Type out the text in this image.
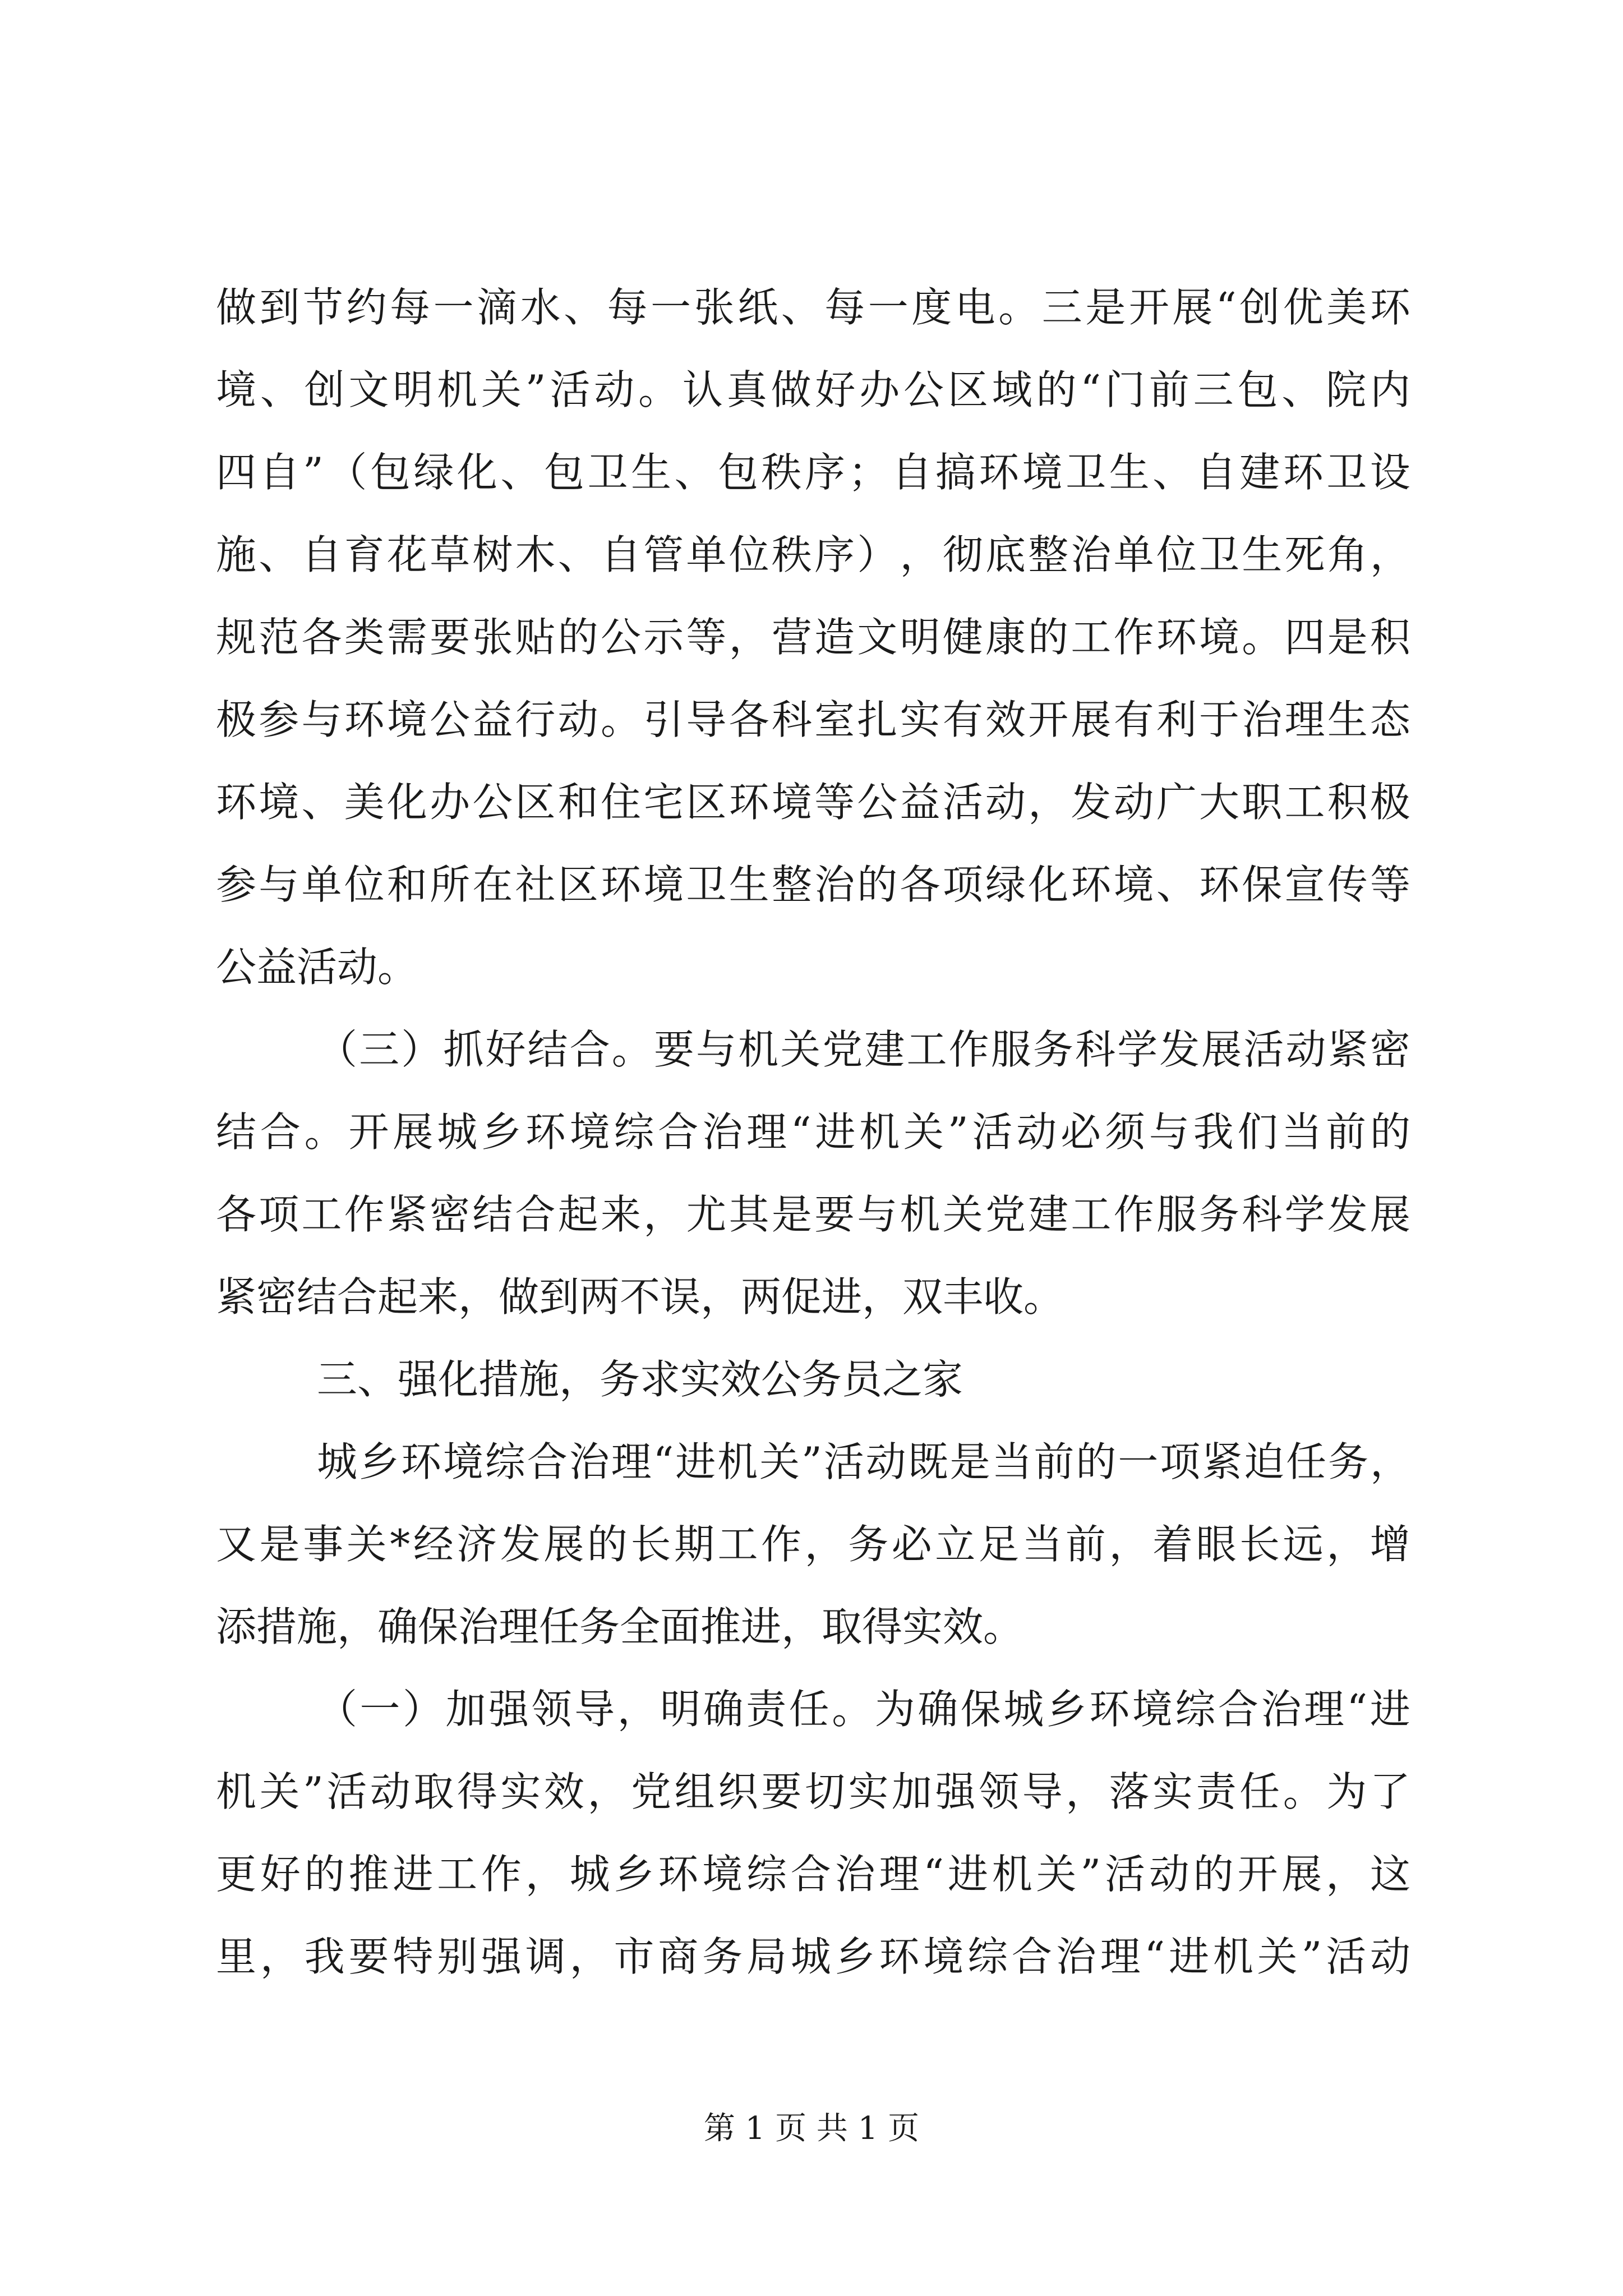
做 到 节 约 每 一 滴 水 、 每 一 张 纸 、 每 一 度 电 。 三 是 开 展 “ 创 优 美 环
境 、 创 文 明 机 关 ” 活 动 。 认 真 做 好 办 公 区 域 的 “ 门 前 三 包 、 院 内
四 自 ” （ 包 绿 化 、 包 卫 生 、 包 秩 序 ； 自 搞 环 境 卫 生 、 自 建 环 卫 设
施 、 自 育 花 草 树 木 、 自 管 单 位 秩 序 ） ， 彻 底 整 治 单 位 卫 生 死 角 ，
规 范 各 类 需 要 张 贴 的 公 示 等 ， 营 造 文 明 健 康 的 工 作 环 境 。 四 是 积
极 参 与 环 境 公 益 行 动 。 引 导 各 科 室 扎 实 有 效 开 展 有 利 于 治 理 生 态
环 境 、 美 化 办 公 区 和 住 宅 区 环 境 等 公 益 活 动 ， 发 动 广 大 职 工 积 极
参 与 单 位 和 所 在 社 区 环 境 卫 生 整 治 的 各 项 绿 化 环 境 、 环 保 宣 传 等
公益活动。
（ 三 ） 抓 好 结 合 。 要 与 机 关 党 建 工 作 服 务 科 学 发 展 活 动 紧 密
结 合 。 开 展 城 乡 环 境 综 合 治 理 “ 进 机 关 ” 活 动 必 须 与 我 们 当 前 的
各 项 工 作 紧 密 结 合 起 来 ， 尤 其 是 要 与 机 关 党 建 工 作 服 务 科 学 发 展
紧密结合起来，做到两不误，两促进，双丰收。
三、强化措施，务求实效公务员之家
城 乡 环 境 综 合 治 理 “ 进 机 关 ” 活 动 既 是 当 前 的 一 项 紧 迫 任 务 ，
又 是 事 关 * 经 济 发 展 的 长 期 工 作 ， 务 必 立 足 当 前 ， 着 眼 长 远 ， 增
添措施，确保治理任务全面推进，取得实效。
（ 一 ） 加 强 领 导 ， 明 确 责 任 。 为 确 保 城 乡 环 境 综 合 治 理 “ 进
机 关 ” 活 动 取 得 实 效 ， 党 组 织 要 切 实 加 强 领 导 ， 落 实 责 任 。 为 了
更 好 的 推 进 工 作 ， 城 乡 环 境 综 合 治 理 “ 进 机 关 ” 活 动 的 开 展 ， 这
里 ， 我 要 特 别 强 调 ， 市 商 务 局 城 乡 环 境 综 合 治 理 “ 进 机 关 ” 活 动
第 1 页 共 1 页
